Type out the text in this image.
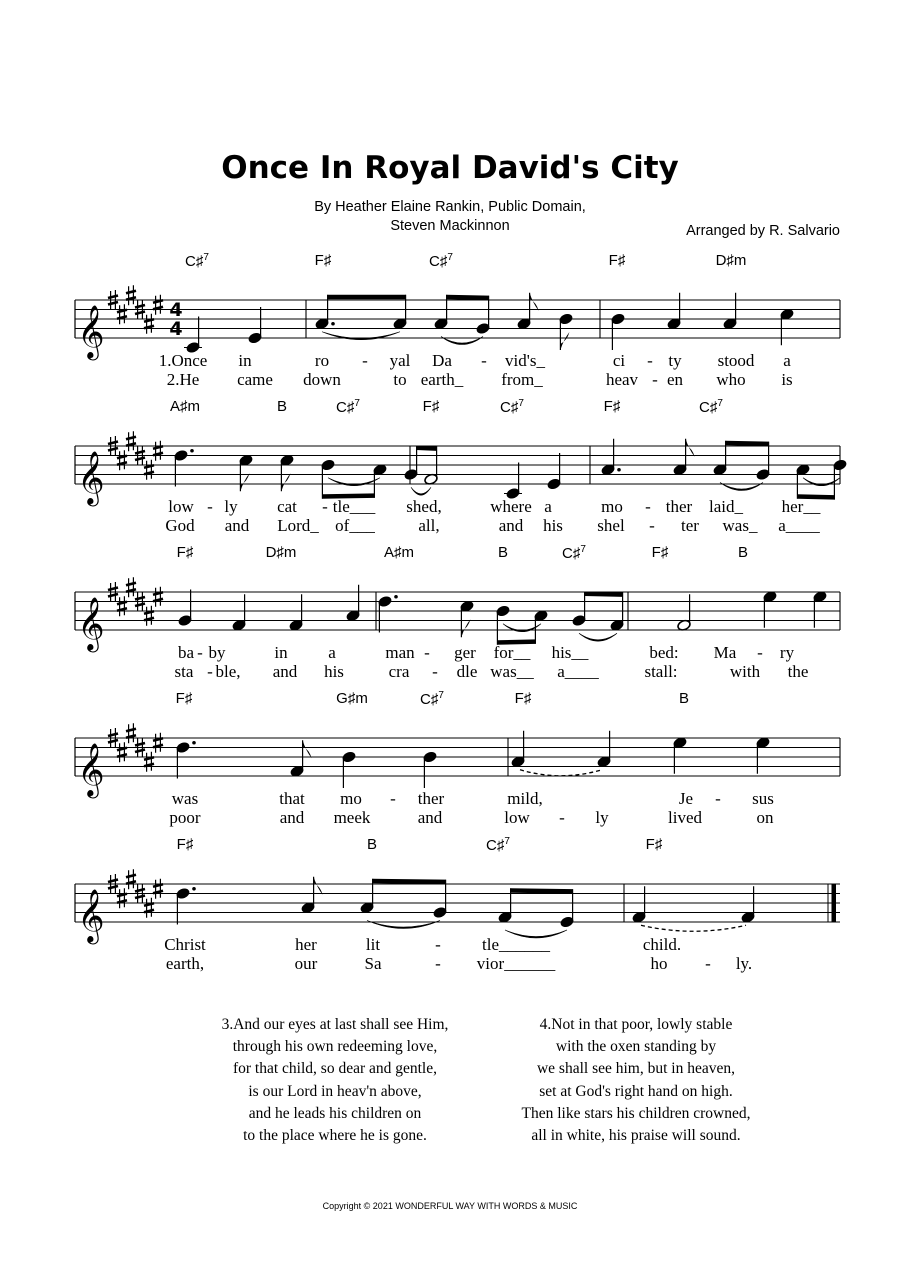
Once In Royal David's City
By Heather Elaine Rankin, Public Domain,
Steven Mackinnon	Arranged by R. Salvario
𝄞	4
4
𝄞
𝄞
𝄞
𝄞
C♯$^7$	F♯	C♯$^7$	F♯	D♯m
1.Once in	ro - yal Da - vid's_	ci - ty stood a
2.He came down	to earth_ from_	heav - en who is
A♯m	B	C♯$^7$	F♯	C♯$^7$	F♯	C♯$^7$
low - ly cat - tle___ shed,	where a	mo - ther laid_ her__
God and Lord_ of___	all,	and his shel - ter was_ a____
F♯	D♯m	A♯m	B	C♯$^7$	F♯	B
ba - by	in a	man - ger for__ his__	bed: Ma - ry
sta - ble, and his	cra - dle was__ a____	stall:	with the
F♯	G♯m	C♯$^7$	F♯	B
was	that mo - ther	mild,	Je - sus
poor	and meek	and	low - ly	lived	on
F♯	B	C♯$^7$	F♯
Christ	her	lit	- tle______	child.
earth,	our	Sa	- vior______	ho - ly.
3.And our eyes at last shall see Him,
through his own redeeming love,
for that child, so dear and gentle,
is our Lord in heav'n above,
and he leads his children on
to the place where he is gone.
4.Not in that poor, lowly stable
with the oxen standing by
we shall see him, but in heaven,
set at God's right hand on high.
Then like stars his children crowned,
all in white, his praise will sound.
Copyright © 2021 WONDERFUL WAY WITH WORDS & MUSIC
